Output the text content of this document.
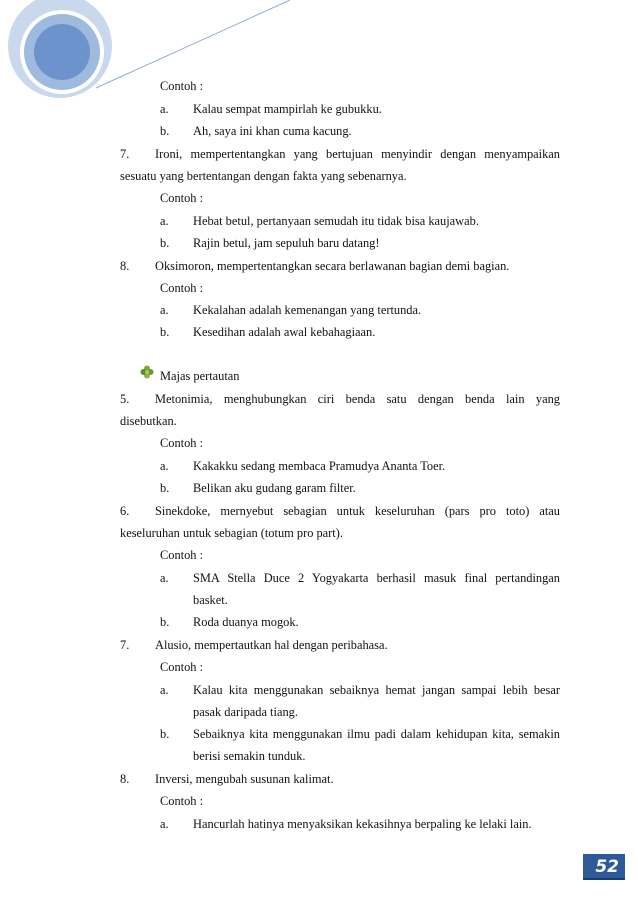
Contoh :
a. Kalau sempat mampirlah ke gubukku.
b. Ah, saya ini khan cuma kacung.
7. Ironi, mempertentangkan yang bertujuan menyindir dengan menyampaikan
sesuatu yang bertentangan dengan fakta yang sebenarnya.
Contoh :
a. Hebat betul, pertanyaan semudah itu tidak bisa kaujawab.
b. Rajin betul, jam sepuluh baru datang!
8. Oksimoron, mempertentangkan secara berlawanan bagian demi bagian.
Contoh :
a. Kekalahan adalah kemenangan yang tertunda.
b. Kesedihan adalah awal kebahagiaan.
Majas pertautan
5. Metonimia, menghubungkan ciri benda satu dengan benda lain yang
disebutkan.
Contoh :
a. Kakakku sedang membaca Pramudya Ananta Toer.
b. Belikan aku gudang garam filter.
6. Sinekdoke, mernyebut sebagian untuk keseluruhan (pars pro toto) atau
keseluruhan untuk sebagian (totum pro part).
Contoh :
a. SMA Stella Duce 2 Yogyakarta berhasil masuk final pertandingan
basket.
b. Roda duanya mogok.
7. Alusio, mempertautkan hal dengan peribahasa.
Contoh :
a. Kalau kita menggunakan sebaiknya hemat jangan sampai lebih besar
pasak daripada tiang.
b. Sebaiknya kita menggunakan ilmu padi dalam kehidupan kita, semakin
berisi semakin tunduk.
8. Inversi, mengubah susunan kalimat.
Contoh :
a. Hancurlah hatinya menyaksikan kekasihnya berpaling ke lelaki lain.
52
